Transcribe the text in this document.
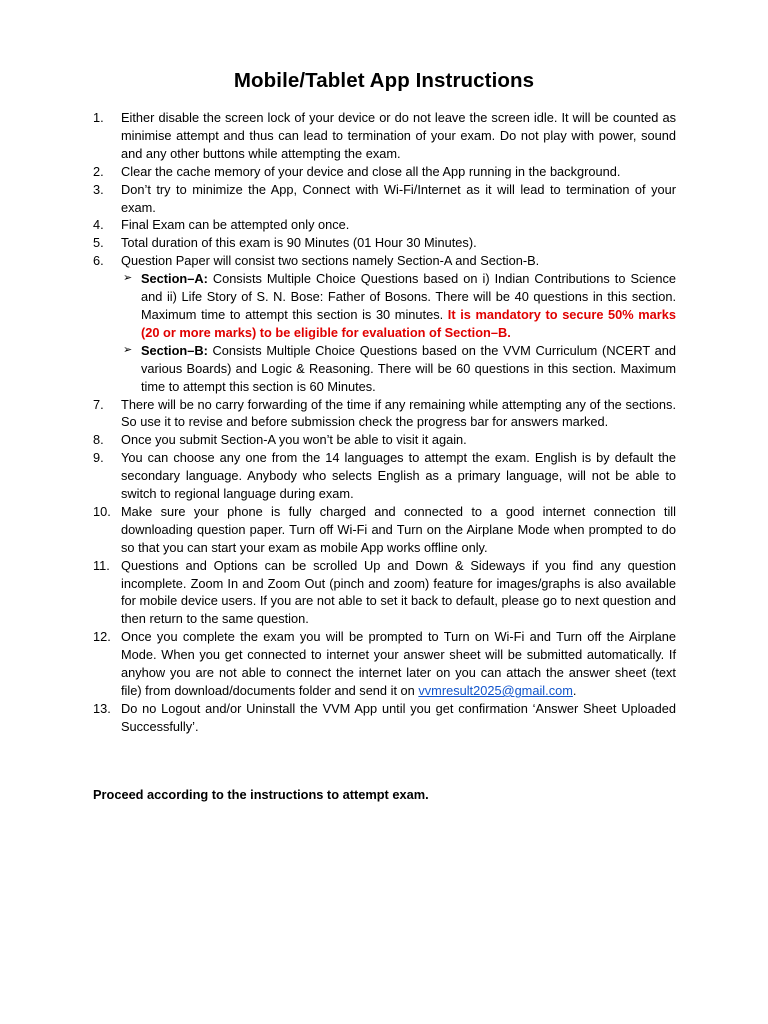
Mobile/Tablet App Instructions
1.	Either disable the screen lock of your device or do not leave the screen idle. It will be counted as minimise attempt and thus can lead to termination of your exam. Do not play with power, sound and any other buttons while attempting the exam.
2.	Clear the cache memory of your device and close all the App running in the background.
3.	Don’t try to minimize the App, Connect with Wi-Fi/Internet as it will lead to termination of your exam.
4.	Final Exam can be attempted only once.
5.	Total duration of this exam is 90 Minutes (01 Hour 30 Minutes).
6.	Question Paper will consist two sections namely Section-A and Section-B.
➢ Section–A: Consists Multiple Choice Questions based on i) Indian Contributions to Science and ii) Life Story of S. N. Bose: Father of Bosons. There will be 40 questions in this section. Maximum time to attempt this section is 30 minutes. It is mandatory to secure 50% marks (20 or more marks) to be eligible for evaluation of Section–B.
➢ Section–B: Consists Multiple Choice Questions based on the VVM Curriculum (NCERT and various Boards) and Logic & Reasoning. There will be 60 questions in this section. Maximum time to attempt this section is 60 Minutes.
7.	There will be no carry forwarding of the time if any remaining while attempting any of the sections. So use it to revise and before submission check the progress bar for answers marked.
8.	Once you submit Section-A you won’t be able to visit it again.
9.	You can choose any one from the 14 languages to attempt the exam. English is by default the secondary language. Anybody who selects English as a primary language, will not be able to switch to regional language during exam.
10. Make sure your phone is fully charged and connected to a good internet connection till downloading question paper. Turn off Wi-Fi and Turn on the Airplane Mode when prompted to do so that you can start your exam as mobile App works offline only.
11. Questions and Options can be scrolled Up and Down & Sideways if you find any question incomplete. Zoom In and Zoom Out (pinch and zoom) feature for images/graphs is also available for mobile device users. If you are not able to set it back to default, please go to next question and then return to the same question.
12. Once you complete the exam you will be prompted to Turn on Wi-Fi and Turn off the Airplane Mode. When you get connected to internet your answer sheet will be submitted automatically. If anyhow you are not able to connect the internet later on you can attach the answer sheet (text file) from download/documents folder and send it on vvmresult2025@gmail.com.
13. Do no Logout and/or Uninstall the VVM App until you get confirmation ‘Answer Sheet Uploaded Successfully’.
Proceed according to the instructions to attempt exam.
